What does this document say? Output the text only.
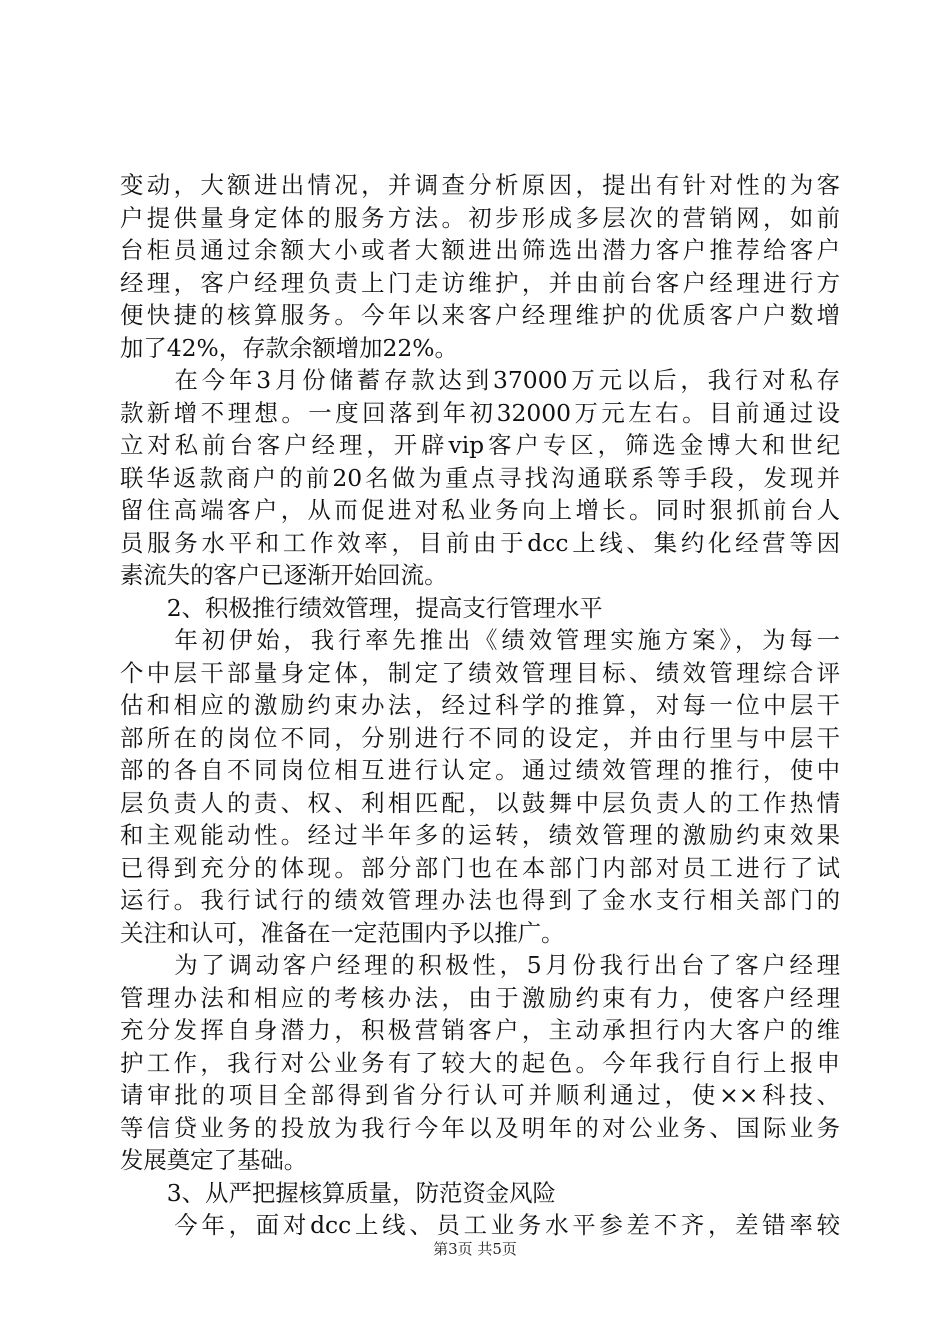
变动，大额进出情况，并调查分析原因，提出有针对性的为客
户提供量身定体的服务方法。初步形成多层次的营销网，如前
台柜员通过余额大小或者大额进出筛选出潜力客户推荐给客户
经理，客户经理负责上门走访维护，并由前台客户经理进行方
便快捷的核算服务。今年以来客户经理维护的优质客户户数增
加了42%，存款余额增加22%。
　　在今年3月份储蓄存款达到37000万元以后，我行对私存
款新增不理想。一度回落到年初32000万元左右。目前通过设
立对私前台客户经理，开辟vip客户专区，筛选金博大和世纪
联华返款商户的前20名做为重点寻找沟通联系等手段，发现并
留住高端客户，从而促进对私业务向上增长。同时狠抓前台人
员服务水平和工作效率，目前由于dcc上线、集约化经营等因
素流失的客户已逐渐开始回流。
　　2、积极推行绩效管理，提高支行管理水平
　　年初伊始，我行率先推出《绩效管理实施方案》，为每一
个中层干部量身定体，制定了绩效管理目标、绩效管理综合评
估和相应的激励约束办法，经过科学的推算，对每一位中层干
部所在的岗位不同，分别进行不同的设定，并由行里与中层干
部的各自不同岗位相互进行认定。通过绩效管理的推行，使中
层负责人的责、权、利相匹配，以鼓舞中层负责人的工作热情
和主观能动性。经过半年多的运转，绩效管理的激励约束效果
已得到充分的体现。部分部门也在本部门内部对员工进行了试
运行。我行试行的绩效管理办法也得到了金水支行相关部门的
关注和认可，准备在一定范围内予以推广。
　　为了调动客户经理的积极性，5月份我行出台了客户经理
管理办法和相应的考核办法，由于激励约束有力，使客户经理
充分发挥自身潜力，积极营销客户，主动承担行内大客户的维
护工作，我行对公业务有了较大的起色。今年我行自行上报申
请审批的项目全部得到省分行认可并顺利通过，使××科技、
等信贷业务的投放为我行今年以及明年的对公业务、国际业务
发展奠定了基础。
　　3、从严把握核算质量，防范资金风险
　　今年，面对dcc上线、员工业务水平参差不齐，差错率较
第3页 共5页
